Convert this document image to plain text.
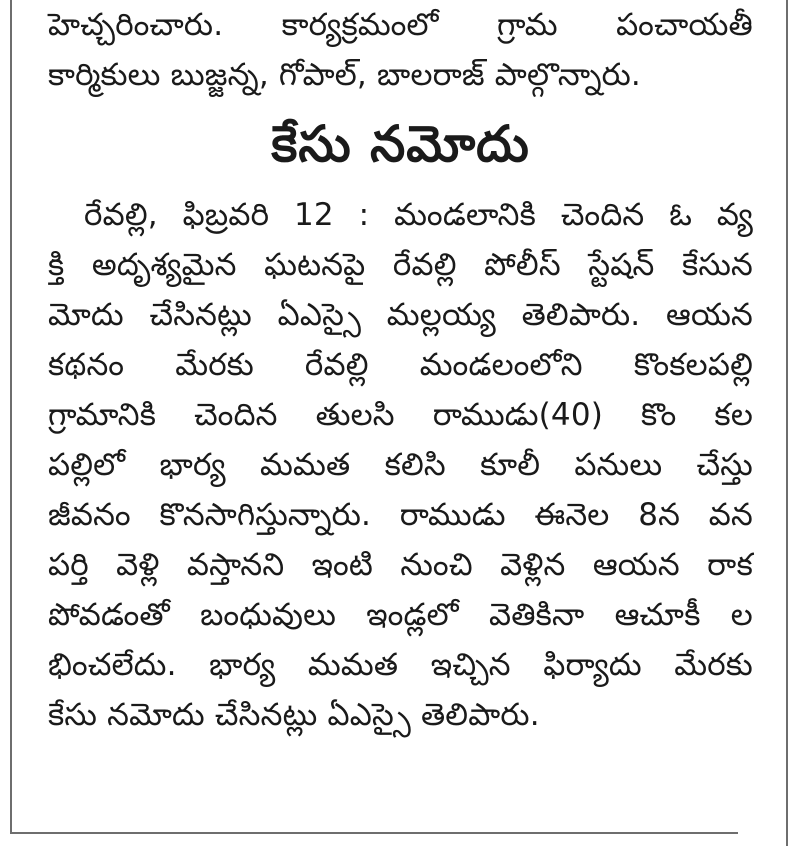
హెచ్చరించారు. కార్యక్రమంలో గ్రామ పంచాయతీ
కార్మికులు బుజ్జన్న, గోపాల్, బాలరాజ్ పాల్గొన్నారు.
కేసు నమోదు
రేవల్లి, ఫిబ్రవరి 12 : మండలానికి చెందిన ఓ వ్య
క్తి అదృశ్యమైన ఘటనపై రేవల్లి పోలీస్ స్టేషన్ కేసున
మోదు చేసినట్లు ఏఎస్సై మల్లయ్య తెలిపారు. ఆయన
కథనం మేరకు రేవల్లి మండలంలోని కొంకలపల్లి
గ్రామానికి చెందిన తులసి రాముడు(40) కొం కల
పల్లిలో భార్య మమత కలిసి కూలీ పనులు చేస్తు
జీవనం కొనసాగిస్తున్నారు. రాముడు ఈనెల 8న వన
పర్తి వెళ్లి వస్తానని ఇంటి నుంచి వెళ్లిన ఆయన రాక
పోవడంతో బంధువులు ఇండ్లలో వెతికినా ఆచూకీ ల
భించలేదు. భార్య మమత ఇచ్చిన ఫిర్యాదు మేరకు
కేసు నమోదు చేసినట్లు ఏఎస్సై తెలిపారు.
